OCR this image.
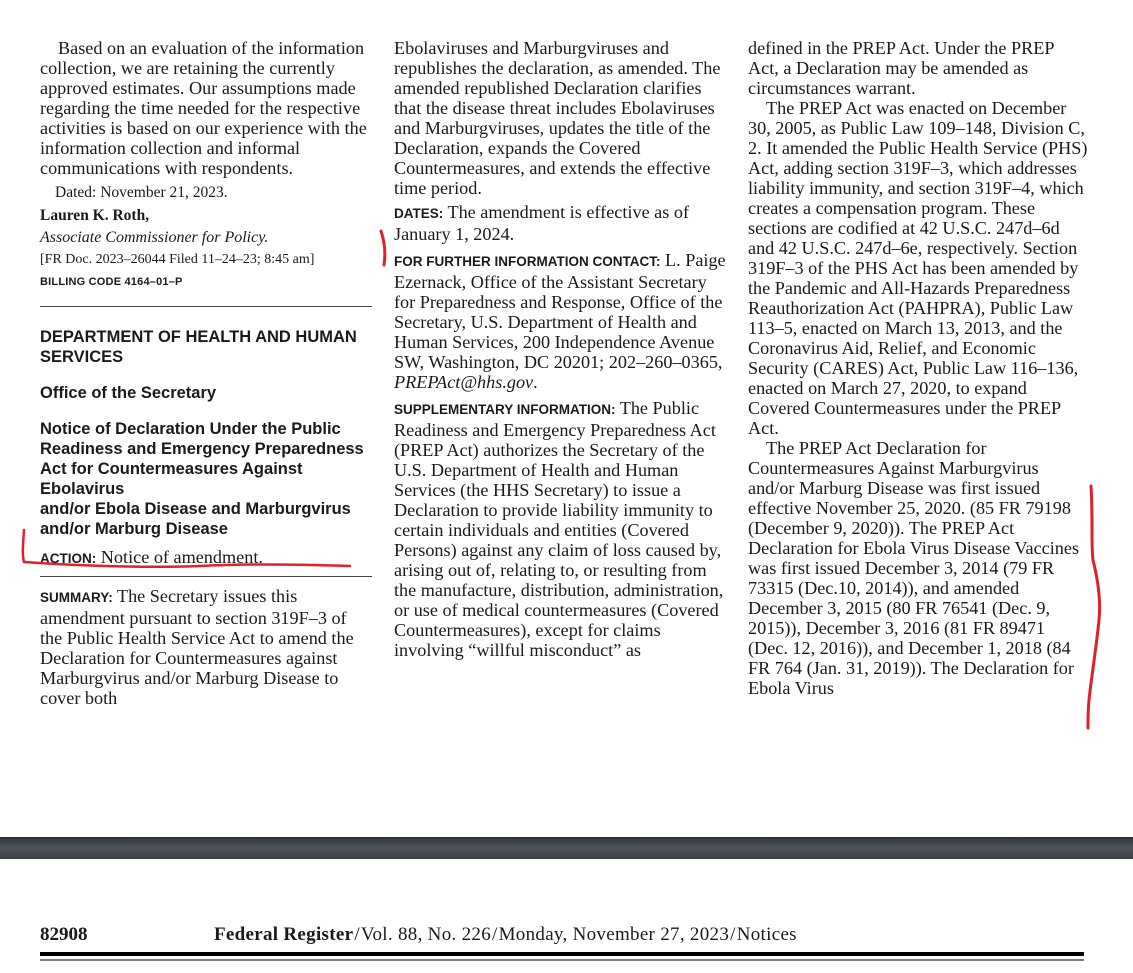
Based on an evaluation of the information collection, we are retaining the currently approved estimates. Our assumptions made regarding the time needed for the respective activities is based on our experience with the information collection and informal communications with respondents.

Dated: November 21, 2023.

Lauren K. Roth,

Associate Commissioner for Policy.

[FR Doc. 2023–26044 Filed 11–24–23; 8:45 am]

BILLING CODE 4164–01–P

DEPARTMENT OF HEALTH AND HUMAN SERVICES

Office of the Secretary

Notice of Declaration Under the Public Readiness and Emergency Preparedness Act for Countermeasures Against Ebolavirus

and/or Ebola Disease and Marburgvirus and/or Marburg Disease

ACTION: Notice of amendment.

SUMMARY: The Secretary issues this amendment pursuant to section 319F–3 of the Public Health Service Act to amend the Declaration for Countermeasures against Marburgvirus and/or Marburg Disease to cover both

Ebolaviruses and Marburgviruses and republishes the declaration, as amended. The amended republished Declaration clarifies that the disease threat includes Ebolaviruses and Marburgviruses, updates the title of the Declaration, expands the Covered Countermeasures, and extends the effective time period.

DATES: The amendment is effective as of January 1, 2024.

FOR FURTHER INFORMATION CONTACT: L. Paige Ezernack, Office of the Assistant Secretary for Preparedness and Response, Office of the Secretary, U.S. Department of Health and Human Services, 200 Independence Avenue SW, Washington, DC 20201; 202–260–0365, PREPAct@hhs.gov.

SUPPLEMENTARY INFORMATION: The Public Readiness and Emergency Preparedness Act (PREP Act) authorizes the Secretary of the U.S. Department of Health and Human Services (the HHS Secretary) to issue a Declaration to provide liability immunity to certain individuals and entities (Covered Persons) against any claim of loss caused by, arising out of, relating to, or resulting from the manufacture, distribution, administration, or use of medical countermeasures (Covered Countermeasures), except for claims involving “willful misconduct” as

defined in the PREP Act. Under the PREP Act, a Declaration may be amended as circumstances warrant.

The PREP Act was enacted on December 30, 2005, as Public Law 109–148, Division C, 2. It amended the Public Health Service (PHS) Act, adding section 319F–3, which addresses liability immunity, and section 319F–4, which creates a compensation program. These sections are codified at 42 U.S.C. 247d–6d and 42 U.S.C. 247d–6e, respectively. Section 319F–3 of the PHS Act has been amended by the Pandemic and All-Hazards Preparedness Reauthorization Act (PAHPRA), Public Law 113–5, enacted on March 13, 2013, and the Coronavirus Aid, Relief, and Economic Security (CARES) Act, Public Law 116–136, enacted on March 27, 2020, to expand Covered Countermeasures under the PREP Act.

The PREP Act Declaration for Countermeasures Against Marburgvirus and/or Marburg Disease was first issued effective November 25, 2020. (85 FR 79198 (December 9, 2020)). The PREP Act Declaration for Ebola Virus Disease Vaccines was first issued December 3, 2014 (79 FR 73315 (Dec.10, 2014)), and amended December 3, 2015 (80 FR 76541 (Dec. 9, 2015)), December 3, 2016 (81 FR 89471 (Dec. 12, 2016)), and December 1, 2018 (84 FR 764 (Jan. 31, 2019)). The Declaration for Ebola Virus

82908	Federal Register/Vol. 88, No. 226/Monday, November 27, 2023/Notices
